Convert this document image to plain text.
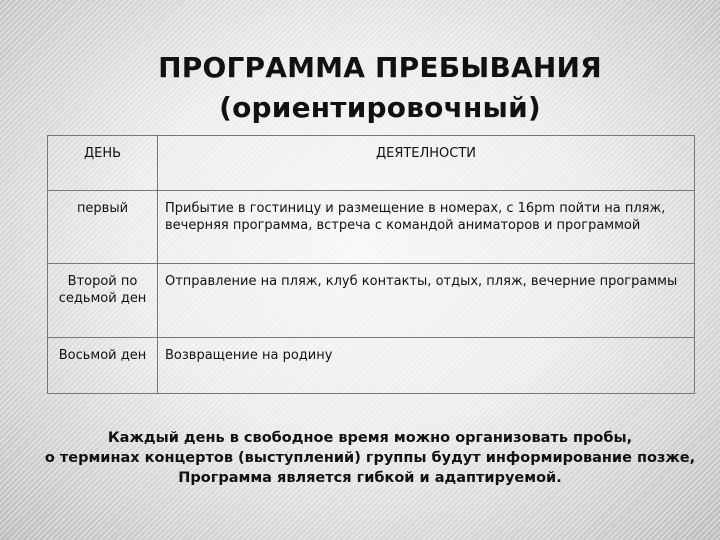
ПРОГРАММА ПРЕБЫВАНИЯ
(ориентировочный)
ДЕНЬ	ДЕЯТЕЛНОСТИ
первый	Прибытие в гостиницу и размещение в номерах, с 16pm пойти на пляж, вечерняя программа, встреча с командой аниматоров и программой
Второй по седьмой ден	Отправление на пляж, клуб контакты, отдых, пляж, вечерние программы
Восьмой ден	Возвращение на родину
Каждый день в свободное время можно организовать пробы,
о терминах концертов (выступлений) группы будут информирование позже,
Программа является гибкой и адаптируемой.
